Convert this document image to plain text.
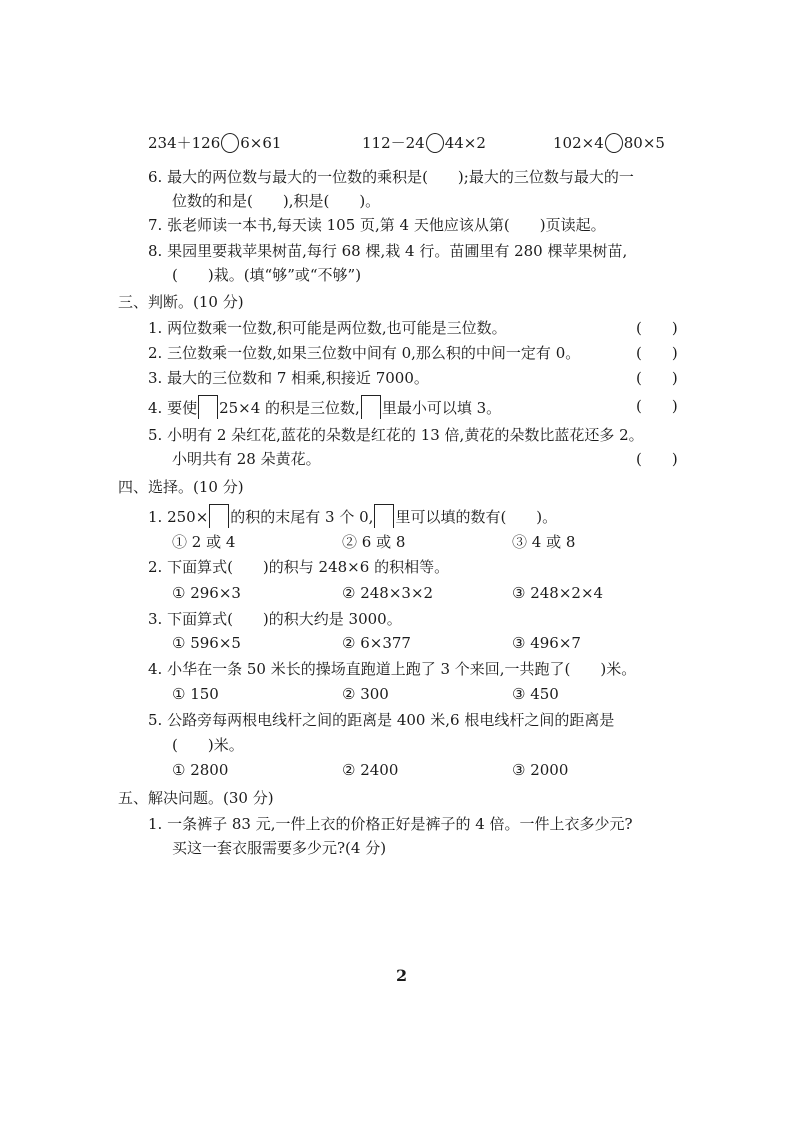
234＋126 6×61	112－24 44×2	102×4 80×5
6. 最大的两位数与最大的一位数的乘积是(　　);最大的三位数与最大的一
位数的和是(　　),积是(　　)。
7. 张老师读一本书,每天读 105 页,第 4 天他应该从第(　　)页读起。
8. 果园里要栽苹果树苗,每行 68 棵,栽 4 行。苗圃里有 280 棵苹果树苗,
(　　)栽。(填“够”或“不够”)
三、判断。(10 分)
1. 两位数乘一位数,积可能是两位数,也可能是三位数。	(　　)
2. 三位数乘一位数,如果三位数中间有 0,那么积的中间一定有 0。	(　　)
3. 最大的三位数和 7 相乘,积接近 7000。	(　　)
4. 要使 25×4 的积是三位数, 里最小可以填 3。	(　　)
5. 小明有 2 朵红花,蓝花的朵数是红花的 13 倍,黄花的朵数比蓝花还多 2。
小明共有 28 朵黄花。	(　　)
四、选择。(10 分)
1. 250× 的积的末尾有 3 个 0, 里可以填的数有(　　)。
① 2 或 4	② 6 或 8	③ 4 或 8
2. 下面算式(　　)的积与 248×6 的积相等。
① 296×3	② 248×3×2	③ 248×2×4
3. 下面算式(　　)的积大约是 3000。
① 596×5	② 6×377	③ 496×7
4. 小华在一条 50 米长的操场直跑道上跑了 3 个来回,一共跑了(　　)米。
① 150	② 300	③ 450
5. 公路旁每两根电线杆之间的距离是 400 米,6 根电线杆之间的距离是
(　　)米。
① 2800	② 2400	③ 2000
五、解决问题。(30 分)
1. 一条裤子 83 元,一件上衣的价格正好是裤子的 4 倍。一件上衣多少元?
买这一套衣服需要多少元?(4 分)
2
